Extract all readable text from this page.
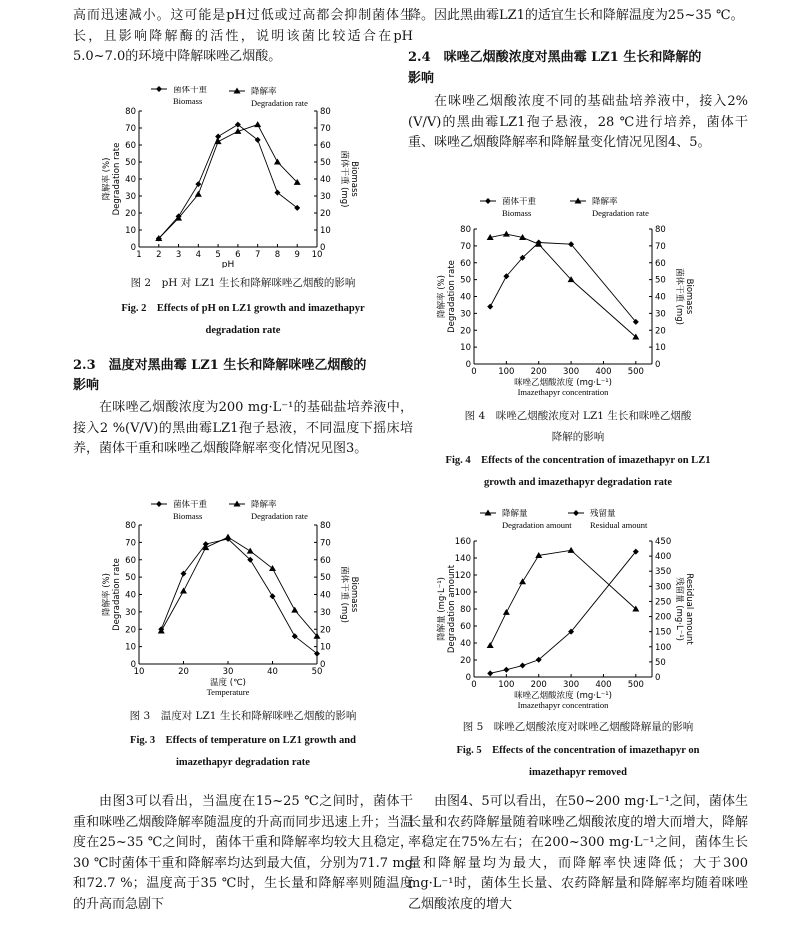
高而迅速减小。这可能是pH过低或过高都会抑制菌体生长，且影响降解酶的活性，说明该菌比较适合在pH 5.0~7.0的环境中降解咪唑乙烟酸。

0
10
20
30
40
50
60
70
80
0
10
20
30
40
50
60
70
80
1 2 3 4 5 6 7 8 9 10
pH
降解率 (%) Degradation rate	菌体干重 (mg) Biomass
菌体干重
Biomass
降解率
Degradation rate

图 2　pH 对 LZ1 生长和降解咪唑乙烟酸的影响

Fig. 2　Effects of pH on LZ1 growth and imazethapyr

degradation rate

2.3　温度对黑曲霉 LZ1 生长和降解咪唑乙烟酸的

影响

在咪唑乙烟酸浓度为200 mg·L⁻¹的基础盐培养液中，接入2 %(V/V)的黑曲霉LZ1孢子悬液，不同温度下摇床培养，菌体干重和咪唑乙烟酸降解率变化情况见图3。

0
10
20
30
40
50
60
70
80
0
10
20
30
40
50
60
70
80
10	20	30	40	50
温度 (℃)
Temperature
降解率 (%) Degradation rate	菌体干重 (mg) Biomass
菌体干重
Biomass
降解率
Degradation rate

图 3　温度对 LZ1 生长和降解咪唑乙烟酸的影响

Fig. 3　Effects of temperature on LZ1 growth and

imazethapyr degradation rate

由图3可以看出，当温度在15~25 ℃之间时，菌体干重和咪唑乙烟酸降解率随温度的升高而同步迅速上升；当温度在25~35 ℃之间时，菌体干重和降解率均较大且稳定，30 ℃时菌体干重和降解率均达到最大值，分别为71.7 mg和72.7 %；温度高于35 ℃时，生长量和降解率则随温度的升高而急剧下

降。因此黑曲霉LZ1的适宜生长和降解温度为25~35 ℃。

2.4　咪唑乙烟酸浓度对黑曲霉 LZ1 生长和降解的

影响

在咪唑乙烟酸浓度不同的基础盐培养液中，接入2%(V/V)的黑曲霉LZ1孢子悬液，28 ℃进行培养，菌体干重、咪唑乙烟酸降解率和降解量变化情况见图4、5。

0
10
20
30
40
50
60
70
80
0
10
20
30
40
50
60
70
80
0	100 200 300 400 500
咪唑乙烟酸浓度 (mg·L⁻¹)
Imazethapyr concentration
降解率 (%) Degradation rate	菌体干重 (mg) Biomass
菌体干重
Biomass
降解率
Degradation rate

图 4　咪唑乙烟酸浓度对 LZ1 生长和咪唑乙烟酸

降解的影响

Fig. 4　Effects of the concentration of imazethapyr on LZ1

growth and imazethapyr degradation rate

0
20
40
60
80
100
120
140
160
0
50
100
150
200
250
300
350
400
450
0	100 200 300 400 500
咪唑乙烟酸浓度 (mg·L⁻¹)
Imazethapyr concentration
降解量 (mg·L⁻¹) Degradation amount	残留量 (mg·L⁻¹) Residual amount
降解量
Degradation amount
残留量
Residual amount

图 5　咪唑乙烟酸浓度对咪唑乙烟酸降解量的影响

Fig. 5　Effects of the concentration of imazethapyr on

imazethapyr removed

由图4、5可以看出，在50~200 mg·L⁻¹之间，菌体生长量和农药降解量随着咪唑乙烟酸浓度的增大而增大，降解率稳定在75%左右；在200~300 mg·L⁻¹之间，菌体生长量和降解量均为最大，而降解率快速降低；大于300 mg·L⁻¹时，菌体生长量、农药降解量和降解率均随着咪唑乙烟酸浓度的增大
